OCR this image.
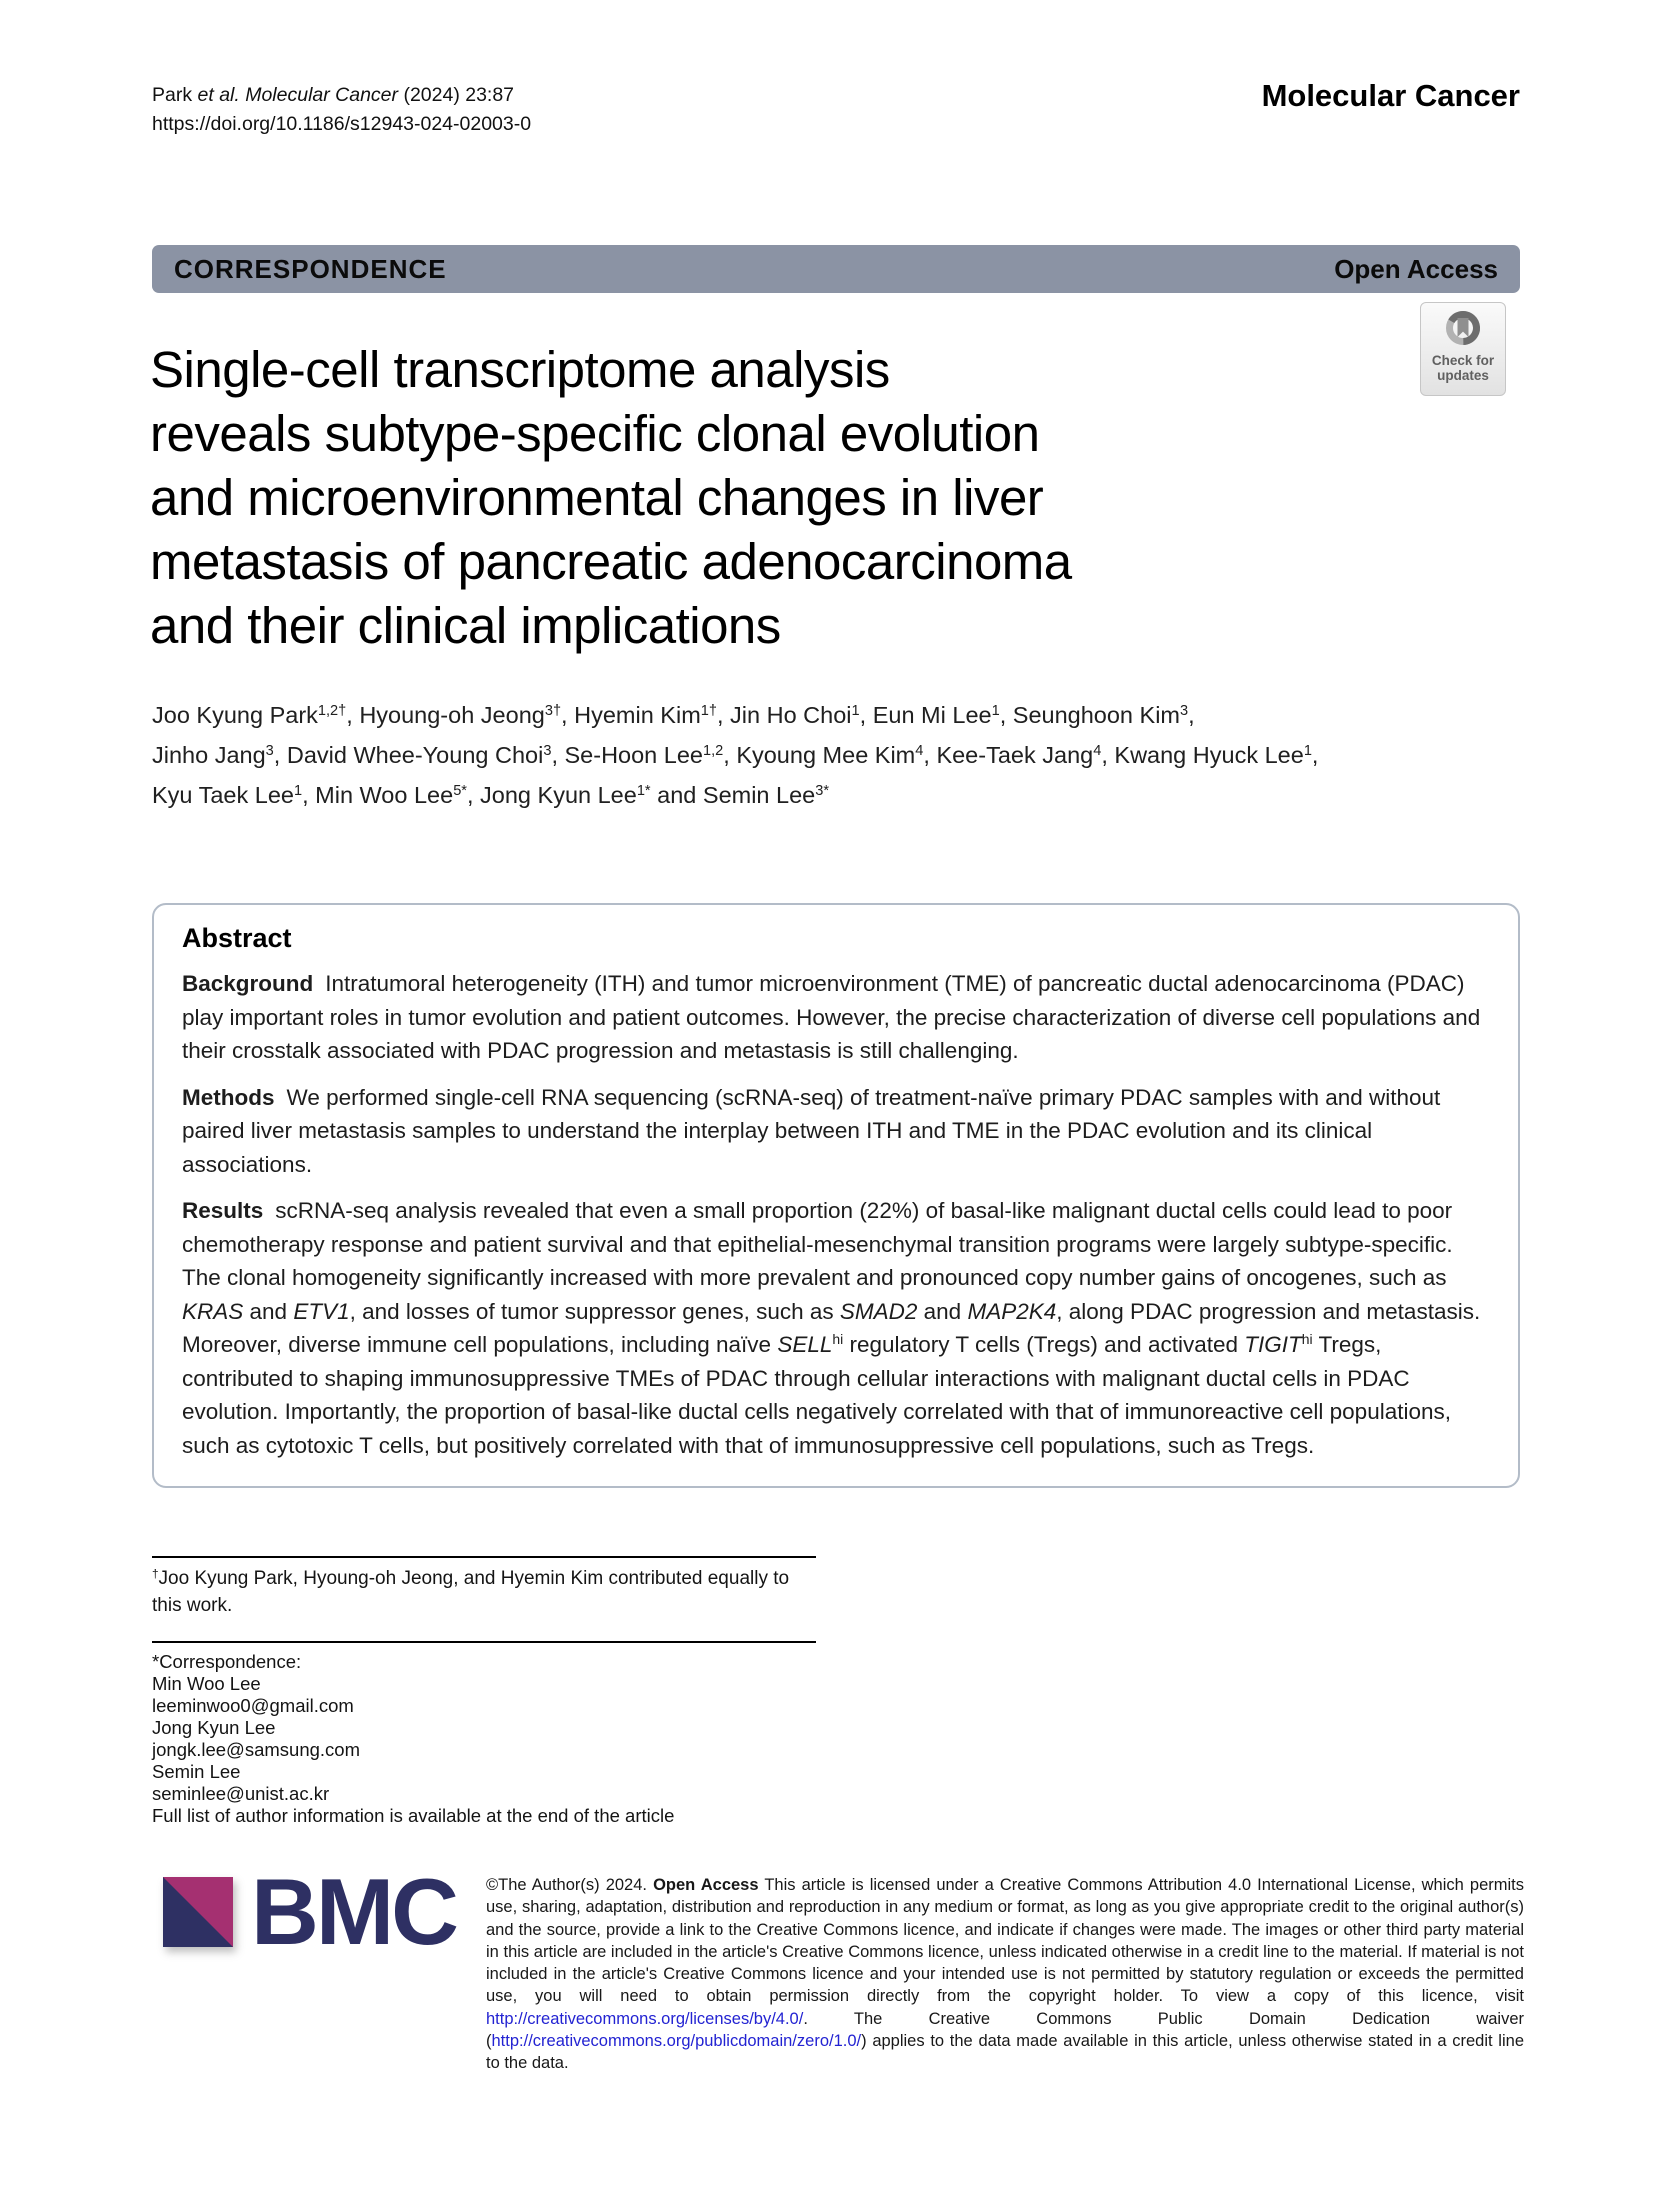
Park et al. Molecular Cancer (2024) 23:87
https://doi.org/10.1186/s12943-024-02003-0
Molecular Cancer
CORRESPONDENCE	Open Access
Single-cell transcriptome analysis
reveals subtype-specific clonal evolution
and microenvironmental changes in liver
metastasis of pancreatic adenocarcinoma
and their clinical implications
Check for
updates
Joo Kyung Park$^{1,2\dagger}$, Hyoung-oh Jeong$^{3\dagger}$, Hyemin Kim$^{1\dagger}$, Jin Ho Choi$^1$, Eun Mi Lee$^1$, Seunghoon Kim$^3$,
Jinho Jang$^3$, David Whee-Young Choi$^3$, Se-Hoon Lee$^{1,2}$, Kyoung Mee Kim$^4$, Kee-Taek Jang$^4$, Kwang Hyuck Lee$^1$,
Kyu Taek Lee$^1$, Min Woo Lee$^{5*}$, Jong Kyun Lee$^{1*}$ and Semin Lee$^{3*}$
Abstract

Background Intratumoral heterogeneity (ITH) and tumor microenvironment (TME) of pancreatic ductal adenocarcinoma (PDAC) play important roles in tumor evolution and patient outcomes. However, the precise characterization of diverse cell populations and their crosstalk associated with PDAC progression and metastasis is still challenging.

Methods We performed single-cell RNA sequencing (scRNA-seq) of treatment-naïve primary PDAC samples with and without paired liver metastasis samples to understand the interplay between ITH and TME in the PDAC evolution and its clinical associations.

Results scRNA-seq analysis revealed that even a small proportion (22%) of basal-like malignant ductal cells could lead to poor chemotherapy response and patient survival and that epithelial-mesenchymal transition programs were largely subtype-specific. The clonal homogeneity significantly increased with more prevalent and pronounced copy number gains of oncogenes, such as KRAS and ETV1, and losses of tumor suppressor genes, such as SMAD2 and MAP2K4, along PDAC progression and metastasis. Moreover, diverse immune cell populations, including naïve $SELL^{hi}$ regulatory T cells (Tregs) and activated $TIGIT^{hi}$ Tregs, contributed to shaping immunosuppressive TMEs of PDAC through cellular interactions with malignant ductal cells in PDAC evolution. Importantly, the proportion of basal-like ductal cells negatively correlated with that of immunoreactive cell populations, such as cytotoxic T cells, but positively correlated with that of immunosuppressive cell populations, such as Tregs.

†Joo Kyung Park, Hyoung-oh Jeong, and Hyemin Kim contributed equally to this work.
*Correspondence:
Min Woo Lee
leeminwoo0@gmail.com
Jong Kyun Lee
jongk.lee@samsung.com
Semin Lee
seminlee@unist.ac.kr
Full list of author information is available at the end of the article
BMC ©The Author(s) 2024. Open Access This article is licensed under a Creative Commons Attribution 4.0 International License, which permits use, sharing, adaptation, distribution and reproduction in any medium or format, as long as you give appropriate credit to the original author(s) and the source, provide a link to the Creative Commons licence, and indicate if changes were made. The images or other third party material in this article are included in the article's Creative Commons licence, unless indicated otherwise in a credit line to the material. If material is not included in the article's Creative Commons licence and your intended use is not permitted by statutory regulation or exceeds the permitted use, you will need to obtain permission directly from the copyright holder. To view a copy of this licence, visit http://creativecommons.org/licenses/by/4.0/. The Creative Commons Public Domain Dedication waiver (http://creativecommons.org/publicdomain/zero/1.0/) applies to the data made available in this article, unless otherwise stated in a credit line to the data.
